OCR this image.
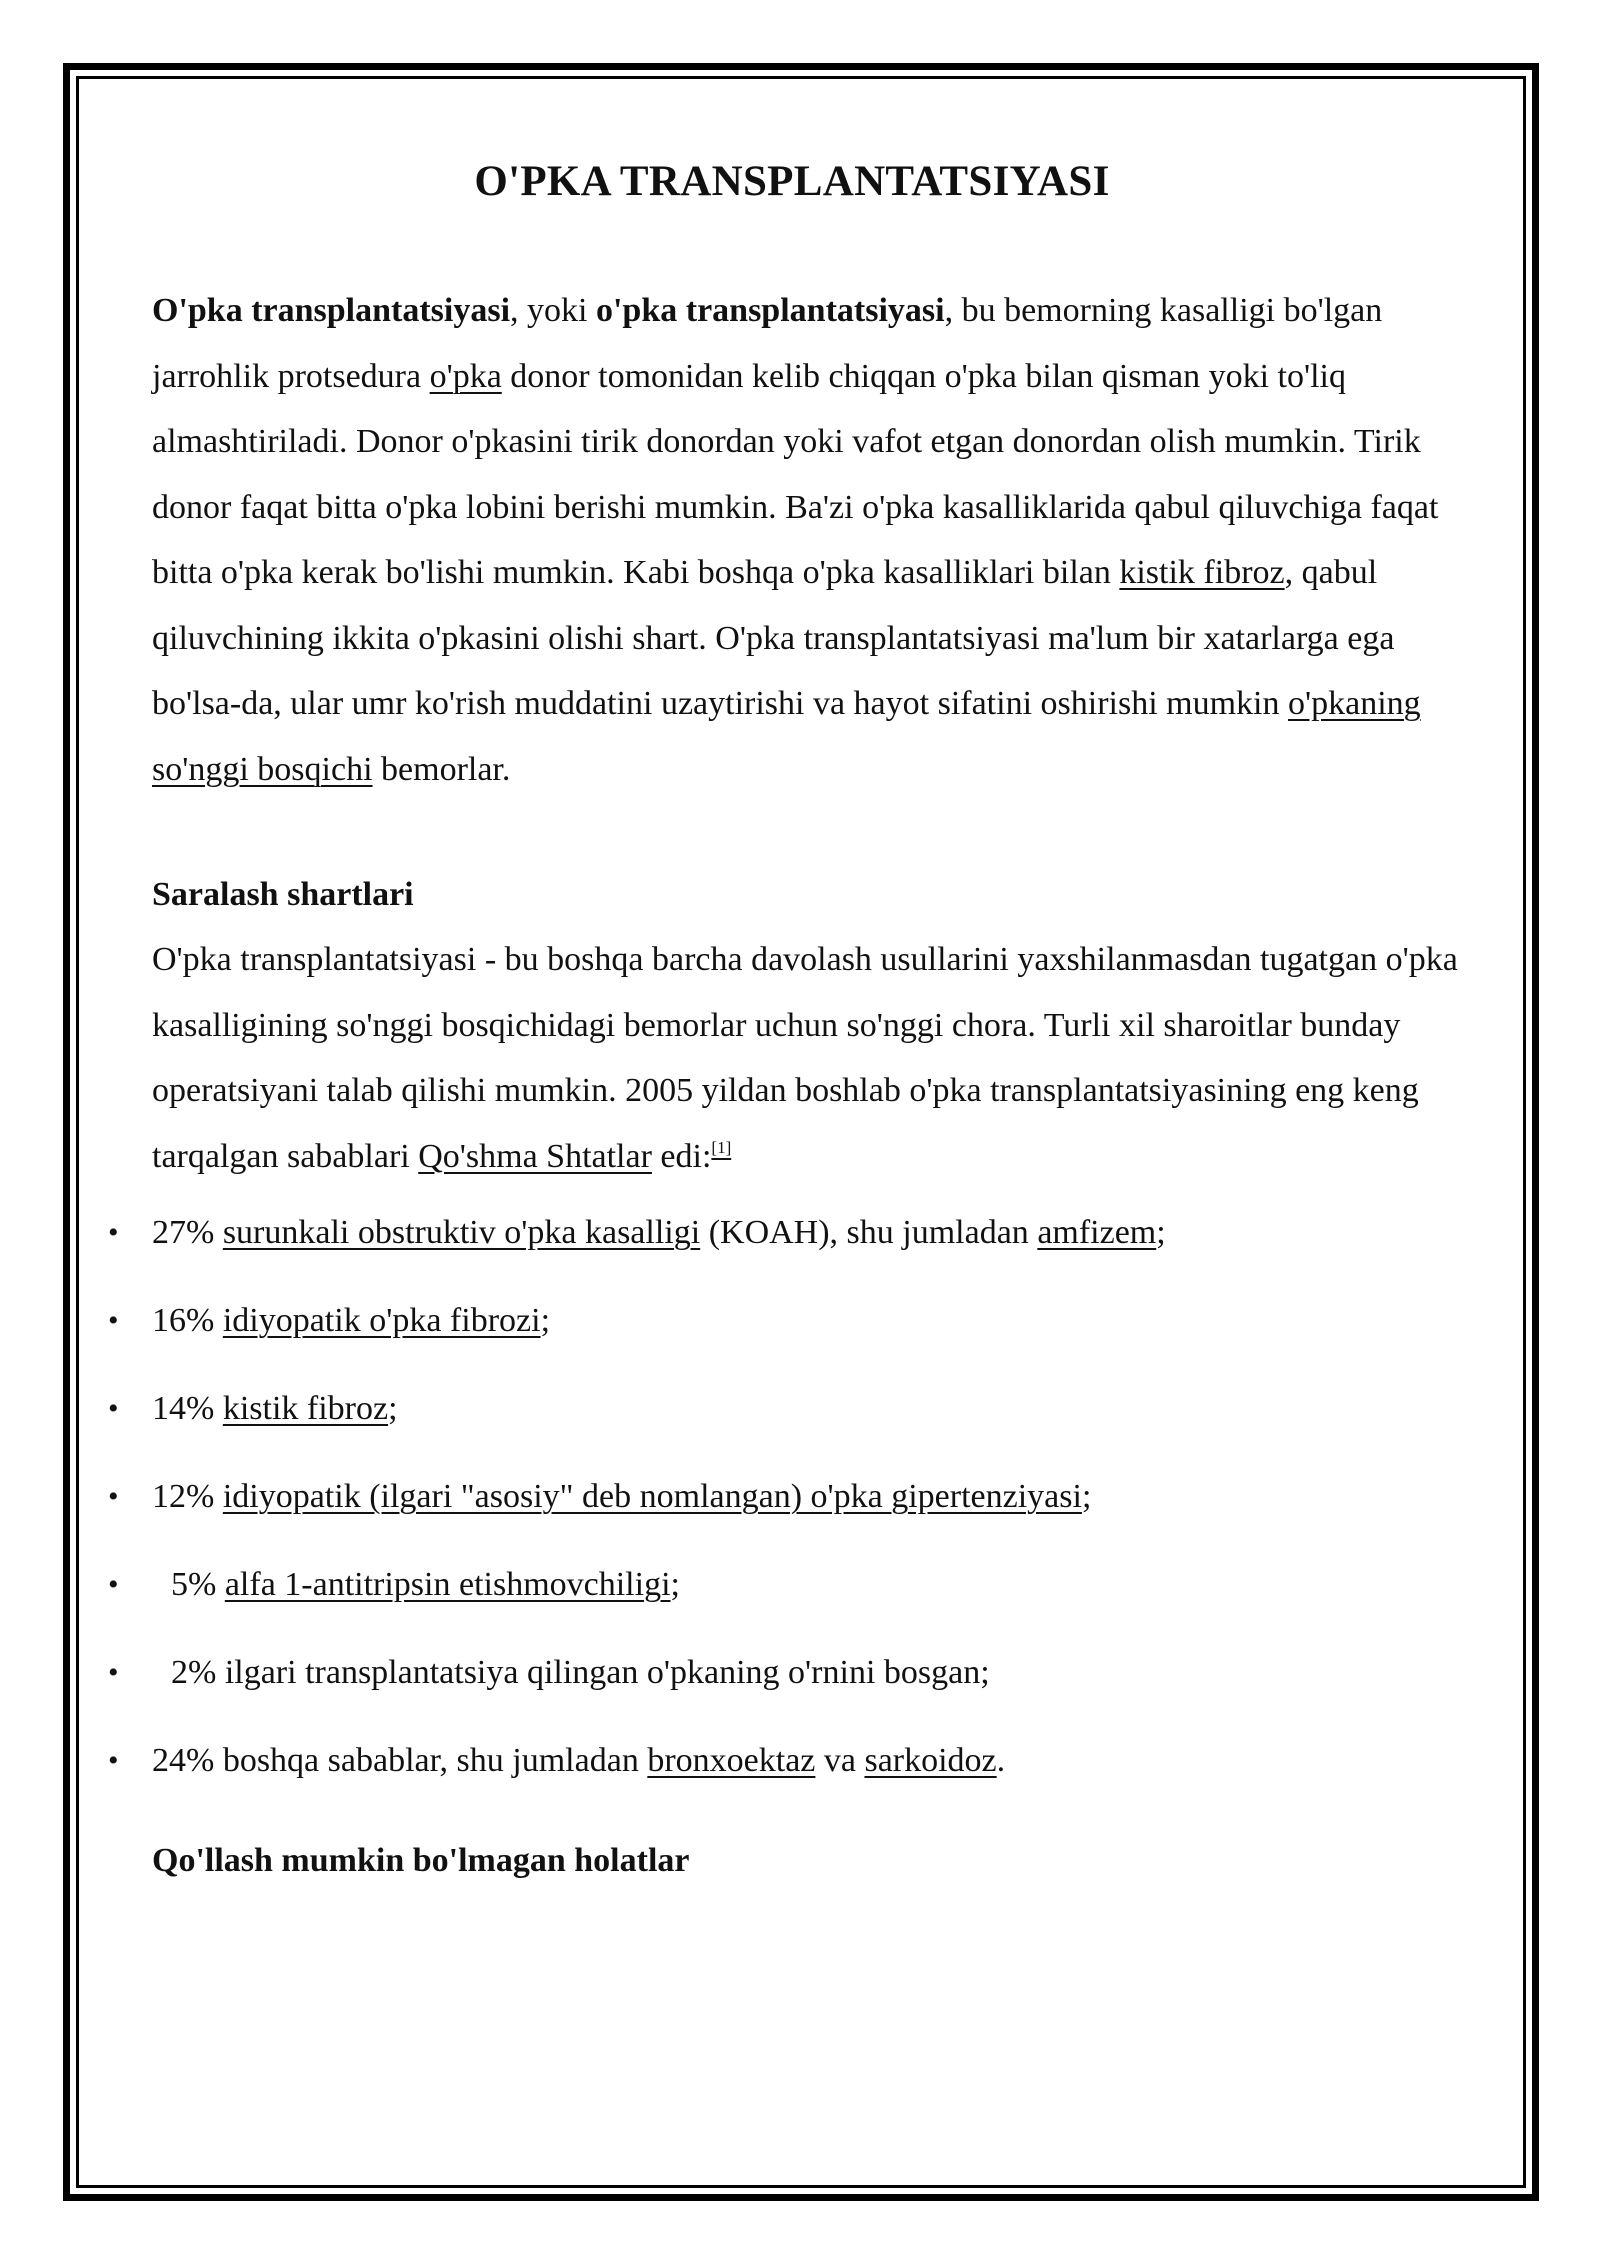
O'PKA TRANSPLANTATSIYASI

O'pka transplantatsiyasi, yoki o'pka transplantatsiyasi, bu bemorning kasalligi bo'lgan jarrohlik protsedura o'pka donor tomonidan kelib chiqqan o'pka bilan qisman yoki to'liq almashtiriladi. Donor o'pkasini tirik donordan yoki vafot etgan donordan olish mumkin. Tirik donor faqat bitta o'pka lobini berishi mumkin. Ba'zi o'pka kasalliklarida qabul qiluvchiga faqat bitta o'pka kerak bo'lishi mumkin. Kabi boshqa o'pka kasalliklari bilan kistik fibroz, qabul qiluvchining ikkita o'pkasini olishi shart. O'pka transplantatsiyasi ma'lum bir xatarlarga ega bo'lsa-da, ular umr ko'rish muddatini uzaytirishi va hayot sifatini oshirishi mumkin o'pkaning so'nggi bosqichi bemorlar.

Saralash shartlari

O'pka transplantatsiyasi - bu boshqa barcha davolash usullarini yaxshilanmasdan tugatgan o'pka kasalligining so'nggi bosqichidagi bemorlar uchun so'nggi chora. Turli xil sharoitlar bunday operatsiyani talab qilishi mumkin. 2005 yildan boshlab o'pka transplantatsiyasining eng keng tarqalgan sabablari Qo'shma Shtatlar edi:[1]

• 27% surunkali obstruktiv o'pka kasalligi (KOAH), shu jumladan amfizem;
• 16% idiyopatik o'pka fibrozi;
• 14% kistik fibroz;
• 12% idiyopatik (ilgari "asosiy" deb nomlangan) o'pka gipertenziyasi;
• 5% alfa 1-antitripsin etishmovchiligi;
• 2% ilgari transplantatsiya qilingan o'pkaning o'rnini bosgan;
• 24% boshqa sabablar, shu jumladan bronxoektaz va sarkoidoz.
Qo'llash mumkin bo'lmagan holatlar
